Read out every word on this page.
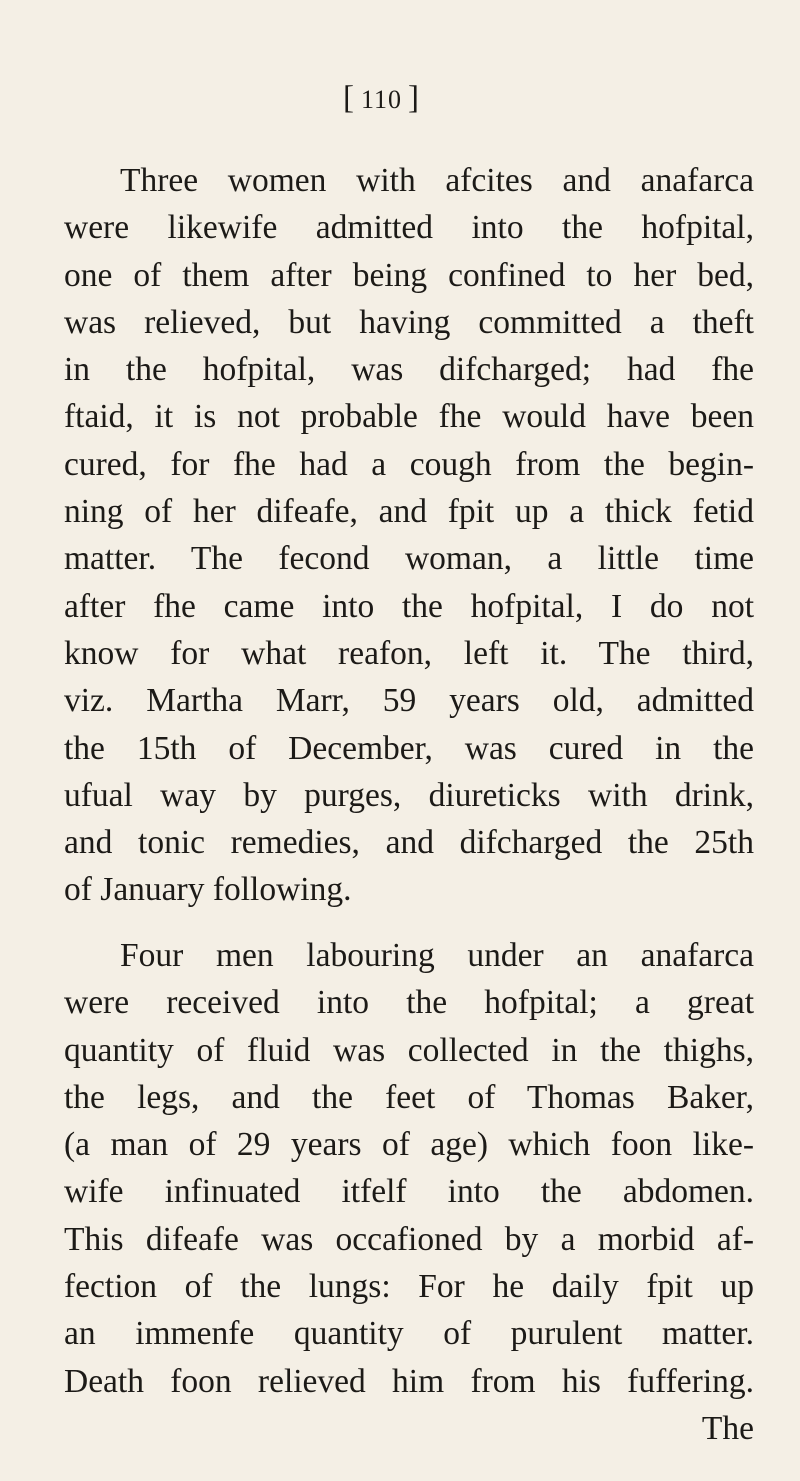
[ 110 ]
Three women with afcites and anafarca
were likewife admitted into the hofpital,
one of them after being confined to her bed,
was relieved, but having committed a theft
in the hofpital, was difcharged; had fhe
ftaid, it is not probable fhe would have been
cured, for fhe had a cough from the begin-
ning of her difeafe, and fpit up a thick fetid
matter. The fecond woman, a little time
after fhe came into the hofpital, I do not
know for what reafon, left it. The third,
viz. Martha Marr, 59 years old, admitted
the 15th of December, was cured in the
ufual way by purges, diureticks with drink,
and tonic remedies, and difcharged the 25th
of January following.
Four men labouring under an anafarca
were received into the hofpital; a great
quantity of fluid was collected in the thighs,
the legs, and the feet of Thomas Baker,
(a man of 29 years of age) which foon like-
wife infinuated itfelf into the abdomen.
This difeafe was occafioned by a morbid af-
fection of the lungs: For he daily fpit up
an immenfe quantity of purulent matter.
Death foon relieved him from his fuffering.
The
